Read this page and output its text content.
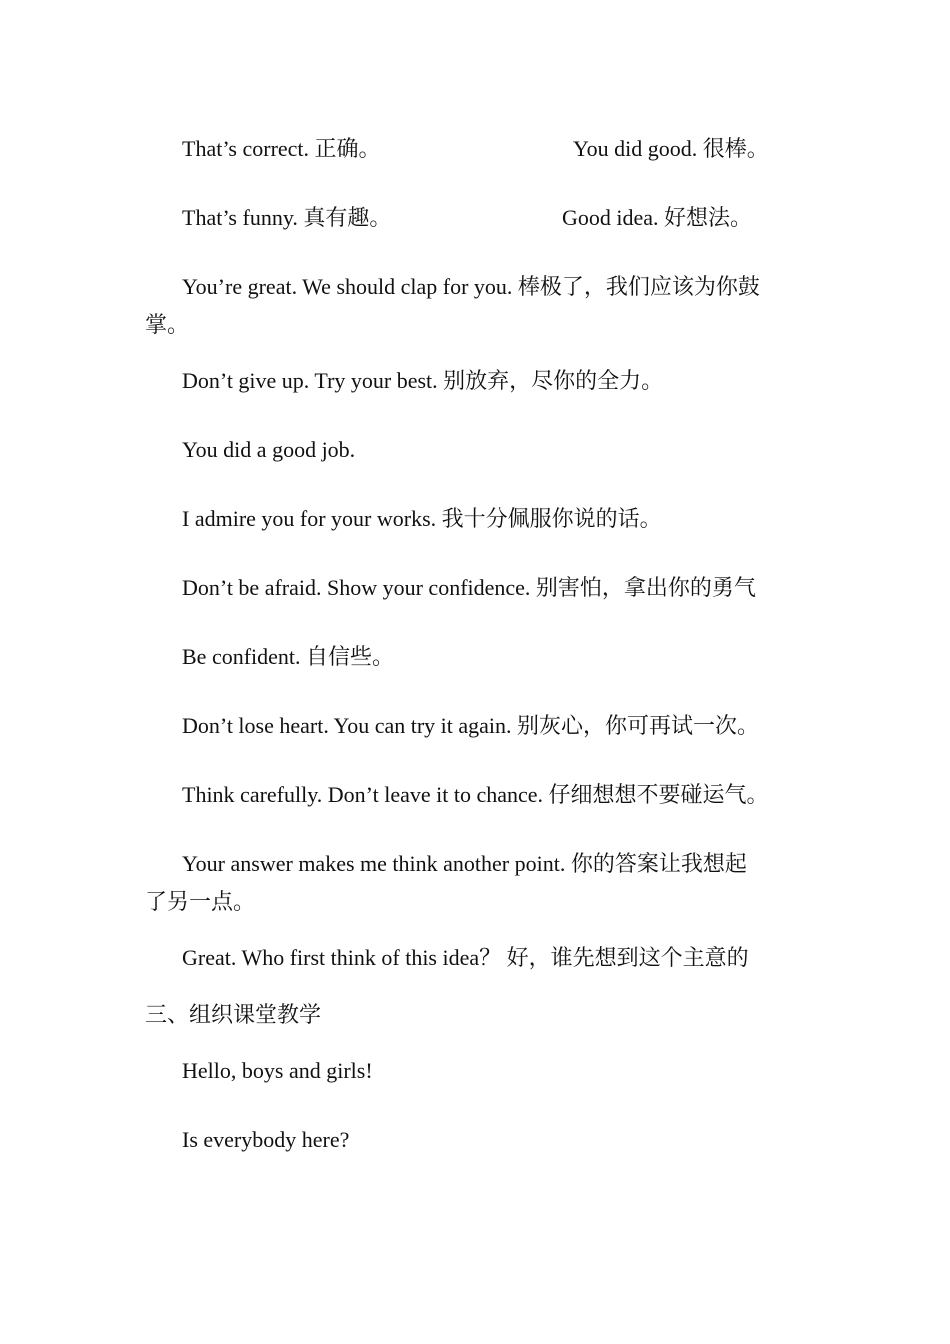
That’s correct. 正确。	You did good. 很棒。
That’s funny. 真有趣。	Good idea. 好想法。
You’re great. We should clap for you. 棒极了，我们应该为你鼓
掌。
Don’t give up. Try your best. 别放弃，尽你的全力。
You did a good job.
I admire you for your works. 我十分佩服你说的话。
Don’t be afraid. Show your confidence. 别害怕，拿出你的勇气
Be confident. 自信些。
Don’t lose heart. You can try it again. 别灰心，你可再试一次。
Think carefully. Don’t leave it to chance. 仔细想想不要碰运气。
Your answer makes me think another point. 你的答案让我想起
了另一点。
Great. Who first think of this idea？ 好，谁先想到这个主意的
三、组织课堂教学
Hello, boys and girls!
Is everybody here?
